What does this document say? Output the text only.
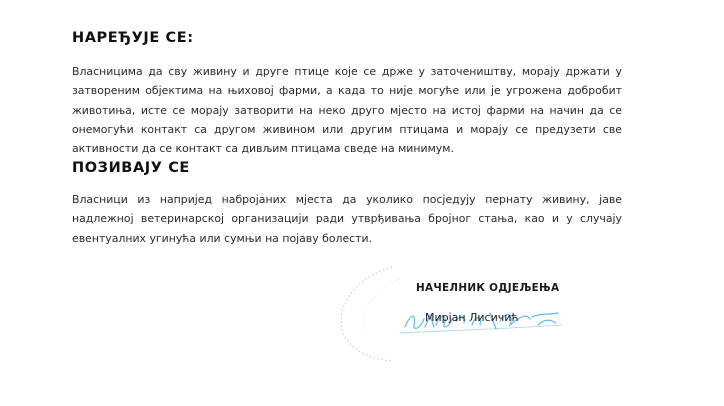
НАРЕЂУЈЕ СЕ:

Власницима да сву живину и друге птице које се држе у заточеништву, морају држати у затвореним објектима на њиховој фарми, а када то није могуће или је угрожена добробит животиња, исте се морају затворити на неко друго мјесто на истој фарми на начин да се онемогући контакт са другом живином или другим птицама и морају се предузети све активности да се контакт са дивљим птицама сведе на минимум.

ПОЗИВАЈУ СЕ

Власници из напријед набројаних мјеста да уколико посједују пернату живину, јаве надлежној ветеринарској организацији ради утврђивања бројног стања, као и у случају евентуалних угинућа или сумњи на појаву болести.

НАЧЕЛНИК ОДЈЕЉЕЊА
Мирјан Лисичић
